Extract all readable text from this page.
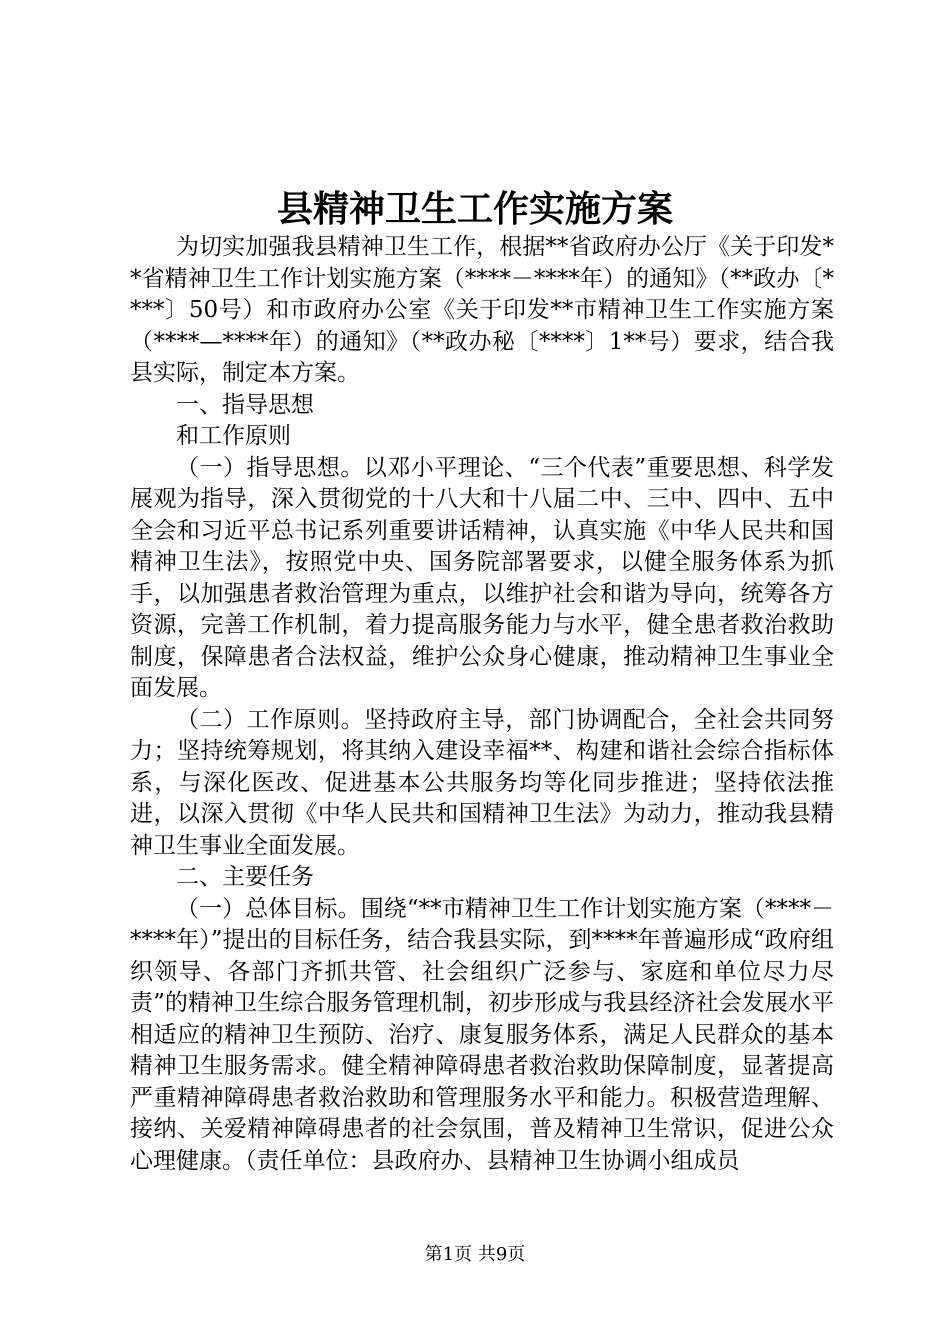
县精神卫生工作实施方案

为切实加强我县精神卫生工作，根据**省政府办公厅《关于印发**省精神卫生工作计划实施方案（****－****年）的通知》（**政办〔****〕50号）和市政府办公室《关于印发**市精神卫生工作实施方案（****—****年）的通知》（**政办秘〔****〕1**号）要求，结合我县实际，制定本方案。

一、指导思想

和工作原则

（一）指导思想。以邓小平理论、“三个代表”重要思想、科学发展观为指导，深入贯彻党的十八大和十八届二中、三中、四中、五中全会和习近平总书记系列重要讲话精神，认真实施《中华人民共和国精神卫生法》，按照党中央、国务院部署要求，以健全服务体系为抓手，以加强患者救治管理为重点，以维护社会和谐为导向，统筹各方资源，完善工作机制，着力提高服务能力与水平，健全患者救治救助制度，保障患者合法权益，维护公众身心健康，推动精神卫生事业全面发展。

（二）工作原则。坚持政府主导，部门协调配合，全社会共同努力；坚持统筹规划，将其纳入建设幸福**、构建和谐社会综合指标体系，与深化医改、促进基本公共服务均等化同步推进；坚持依法推进，以深入贯彻《中华人民共和国精神卫生法》为动力，推动我县精神卫生事业全面发展。

二、主要任务

（一）总体目标。围绕“**市精神卫生工作计划实施方案（****－****年）”提出的目标任务，结合我县实际，到****年普遍形成“政府组织领导、各部门齐抓共管、社会组织广泛参与、家庭和单位尽力尽责”的精神卫生综合服务管理机制，初步形成与我县经济社会发展水平相适应的精神卫生预防、治疗、康复服务体系，满足人民群众的基本精神卫生服务需求。健全精神障碍患者救治救助保障制度，显著提高严重精神障碍患者救治救助和管理服务水平和能力。积极营造理解、接纳、关爱精神障碍患者的社会氛围，普及精神卫生常识，促进公众心理健康。（责任单位：县政府办、县精神卫生协调小组成员

第1页 共9页
